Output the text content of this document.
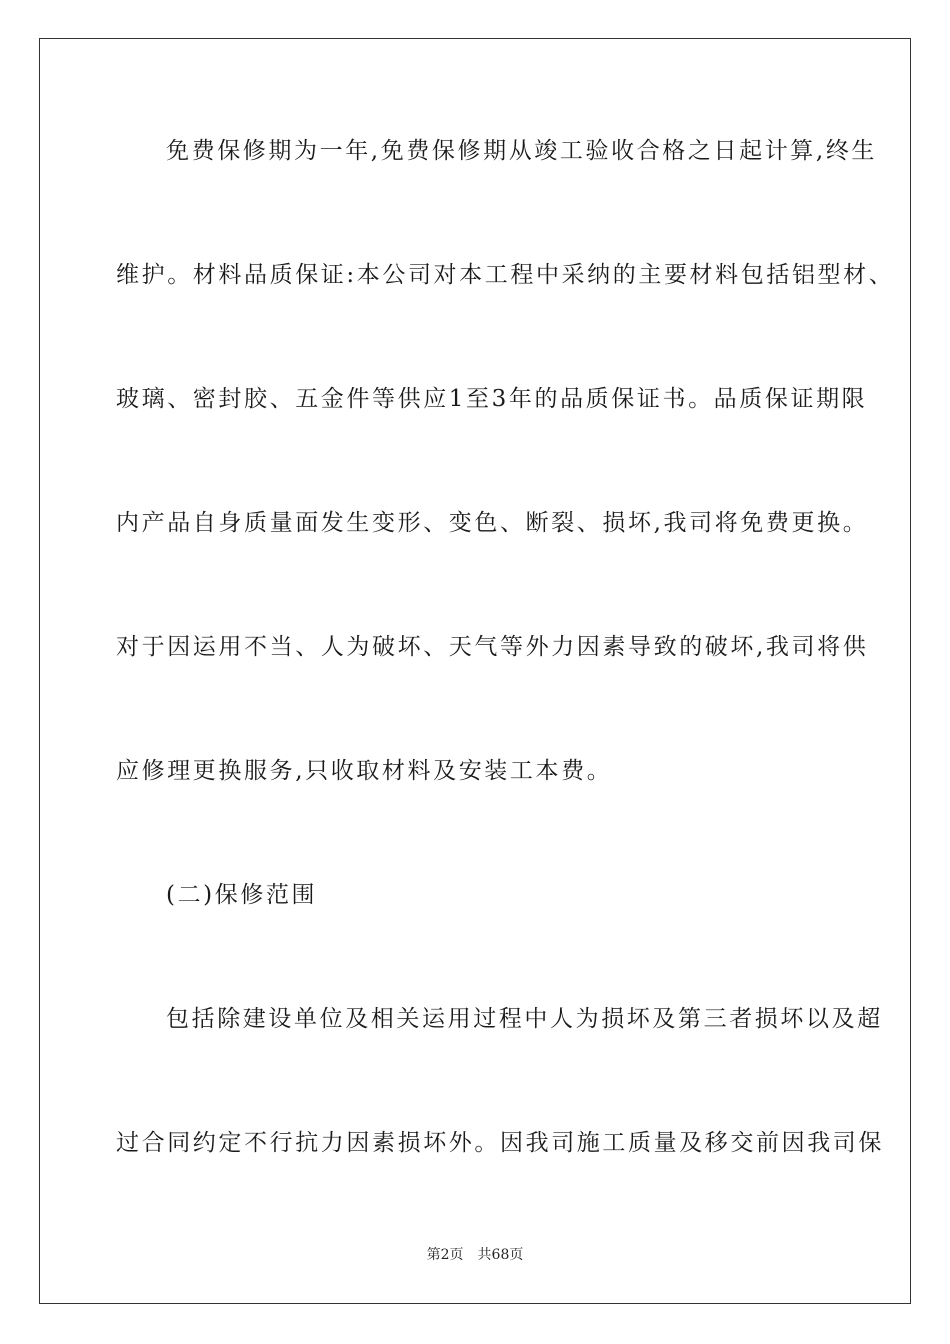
免费保修期为一年,免费保修期从竣工验收合格之日起计算,终生
维护。材料品质保证:本公司对本工程中采纳的主要材料包括铝型材、
玻璃、密封胶、五金件等供应1至3年的品质保证书。品质保证期限
内产品自身质量面发生变形、变色、断裂、损坏,我司将免费更换。
对于因运用不当、人为破坏、天气等外力因素导致的破坏,我司将供
应修理更换服务,只收取材料及安装工本费。
(二)保修范围
包括除建设单位及相关运用过程中人为损坏及第三者损坏以及超
过合同约定不行抗力因素损坏外。因我司施工质量及移交前因我司保
第2页 共68页
